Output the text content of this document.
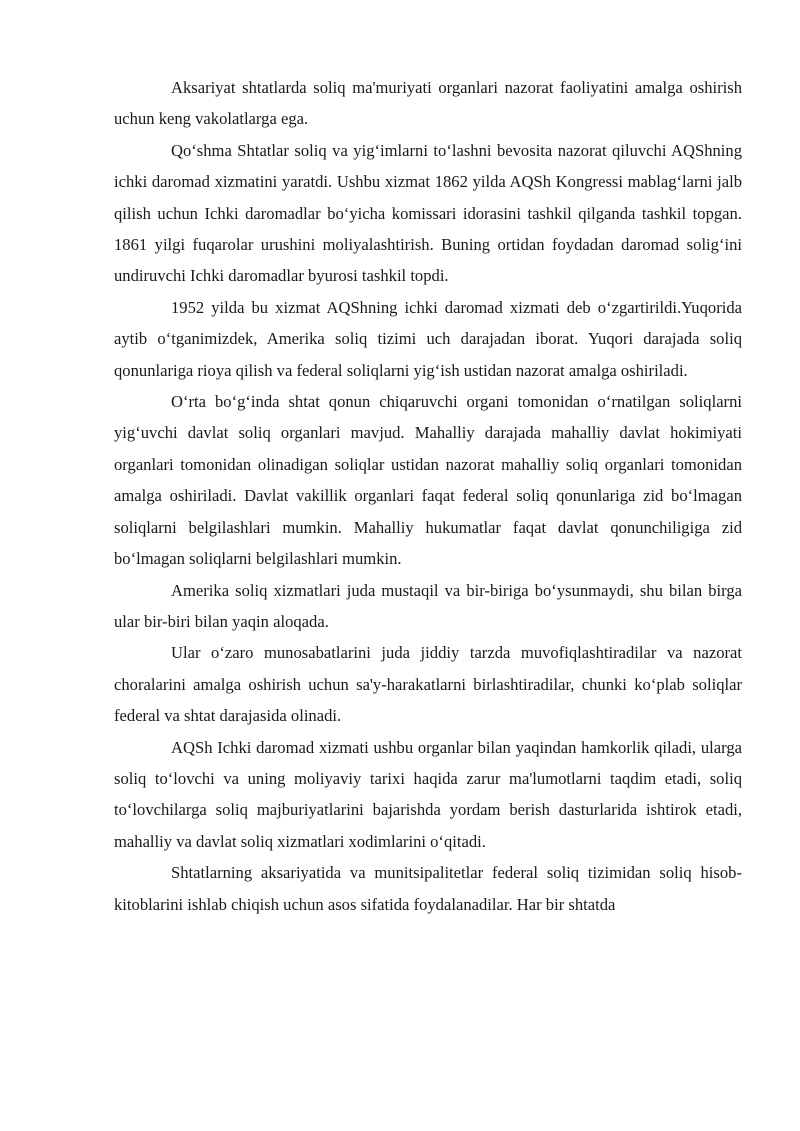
Aksariyat shtatlarda soliq ma'muriyati organlari nazorat faoliyatini amalga oshirish uchun keng vakolatlarga ega.

Qo‘shma Shtatlar soliq va yig‘imlarni to‘lashni bevosita nazorat qiluvchi AQShning ichki daromad xizmatini yaratdi. Ushbu xizmat 1862 yilda AQSh Kongressi mablag‘larni jalb qilish uchun Ichki daromadlar bo‘yicha komissari idorasini tashkil qilganda tashkil topgan. 1861 yilgi fuqarolar urushini moliyalashtirish. Buning ortidan foydadan daromad solig‘ini undiruvchi Ichki daromadlar byurosi tashkil topdi.

1952 yilda bu xizmat AQShning ichki daromad xizmati deb o‘zgartirildi.Yuqorida aytib o‘tganimizdek, Amerika soliq tizimi uch darajadan iborat. Yuqori darajada soliq qonunlariga rioya qilish va federal soliqlarni yig‘ish ustidan nazorat amalga oshiriladi.

O‘rta bo‘g‘inda shtat qonun chiqaruvchi organi tomonidan o‘rnatilgan soliqlarni yig‘uvchi davlat soliq organlari mavjud. Mahalliy darajada mahalliy davlat hokimiyati organlari tomonidan olinadigan soliqlar ustidan nazorat mahalliy soliq organlari tomonidan amalga oshiriladi. Davlat vakillik organlari faqat federal soliq qonunlariga zid bo‘lmagan soliqlarni belgilashlari mumkin. Mahalliy hukumatlar faqat davlat qonunchiligiga zid bo‘lmagan soliqlarni belgilashlari mumkin.

Amerika soliq xizmatlari juda mustaqil va bir-biriga bo‘ysunmaydi, shu bilan birga ular bir-biri bilan yaqin aloqada.

Ular o‘zaro munosabatlarini juda jiddiy tarzda muvofiqlashtiradilar va nazorat choralarini amalga oshirish uchun sa'y-harakatlarni birlashtiradilar, chunki ko‘plab soliqlar federal va shtat darajasida olinadi.

AQSh Ichki daromad xizmati ushbu organlar bilan yaqindan hamkorlik qiladi, ularga soliq to‘lovchi va uning moliyaviy tarixi haqida zarur ma'lumotlarni taqdim etadi, soliq to‘lovchilarga soliq majburiyatlarini bajarishda yordam berish dasturlarida ishtirok etadi, mahalliy va davlat soliq xizmatlari xodimlarini o‘qitadi.

Shtatlarning aksariyatida va munitsipalitetlar federal soliq tizimidan soliq hisob-kitoblarini ishlab chiqish uchun asos sifatida foydalanadilar. Har bir shtatda
